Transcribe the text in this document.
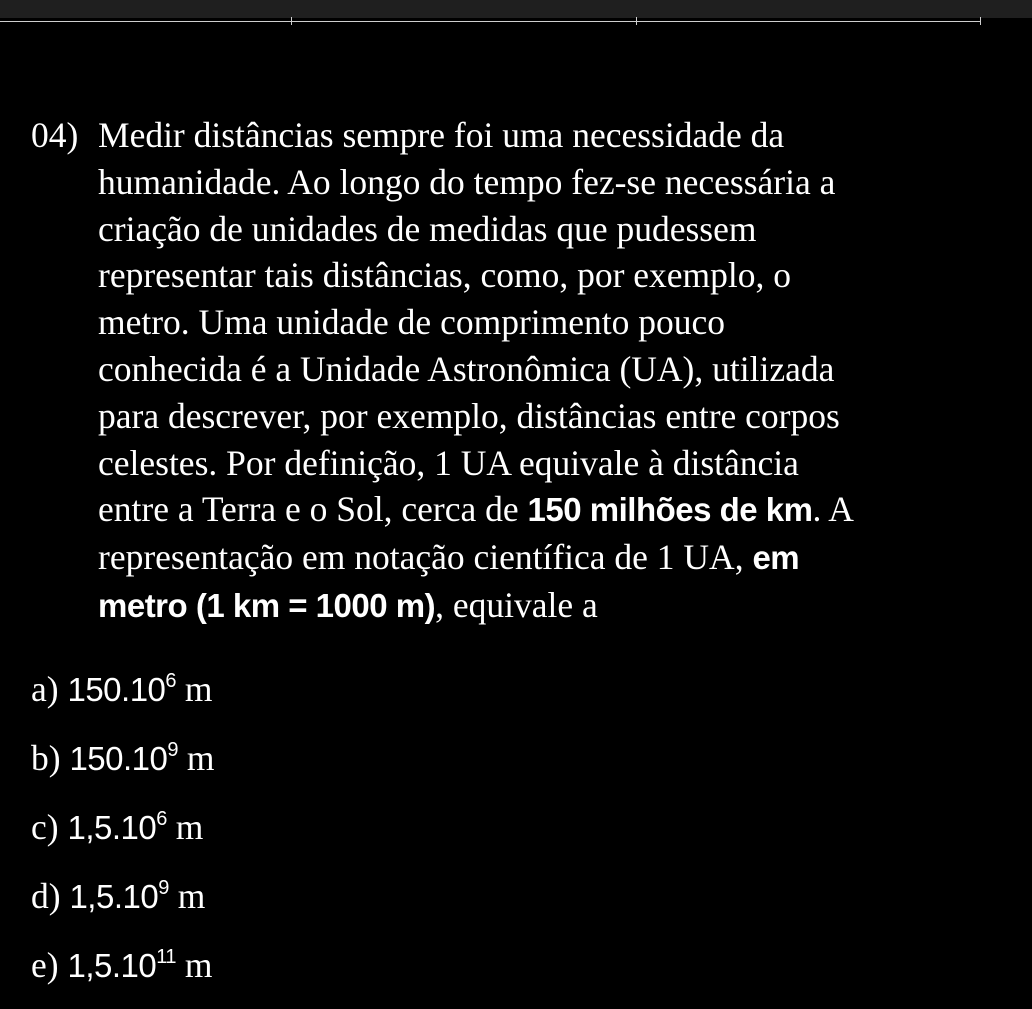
04) Medir distâncias sempre foi uma necessidade da
humanidade. Ao longo do tempo fez-se necessária a
criação de unidades de medidas que pudessem
representar tais distâncias, como, por exemplo, o
metro. Uma unidade de comprimento pouco
conhecida é a Unidade Astronômica (UA), utilizada
para descrever, por exemplo, distâncias entre corpos
celestes. Por definição, 1 UA equivale à distância
entre a Terra e o Sol, cerca de 150 milhões de km. A
representação em notação científica de 1 UA, em
metro (1 km = 1000 m), equivale a
a) 150.10$^6$ m
b) 150.10$^9$ m
c) 1,5.10$^6$ m
d) 1,5.10$^9$ m
e) 1,5.10$^{11}$ m
